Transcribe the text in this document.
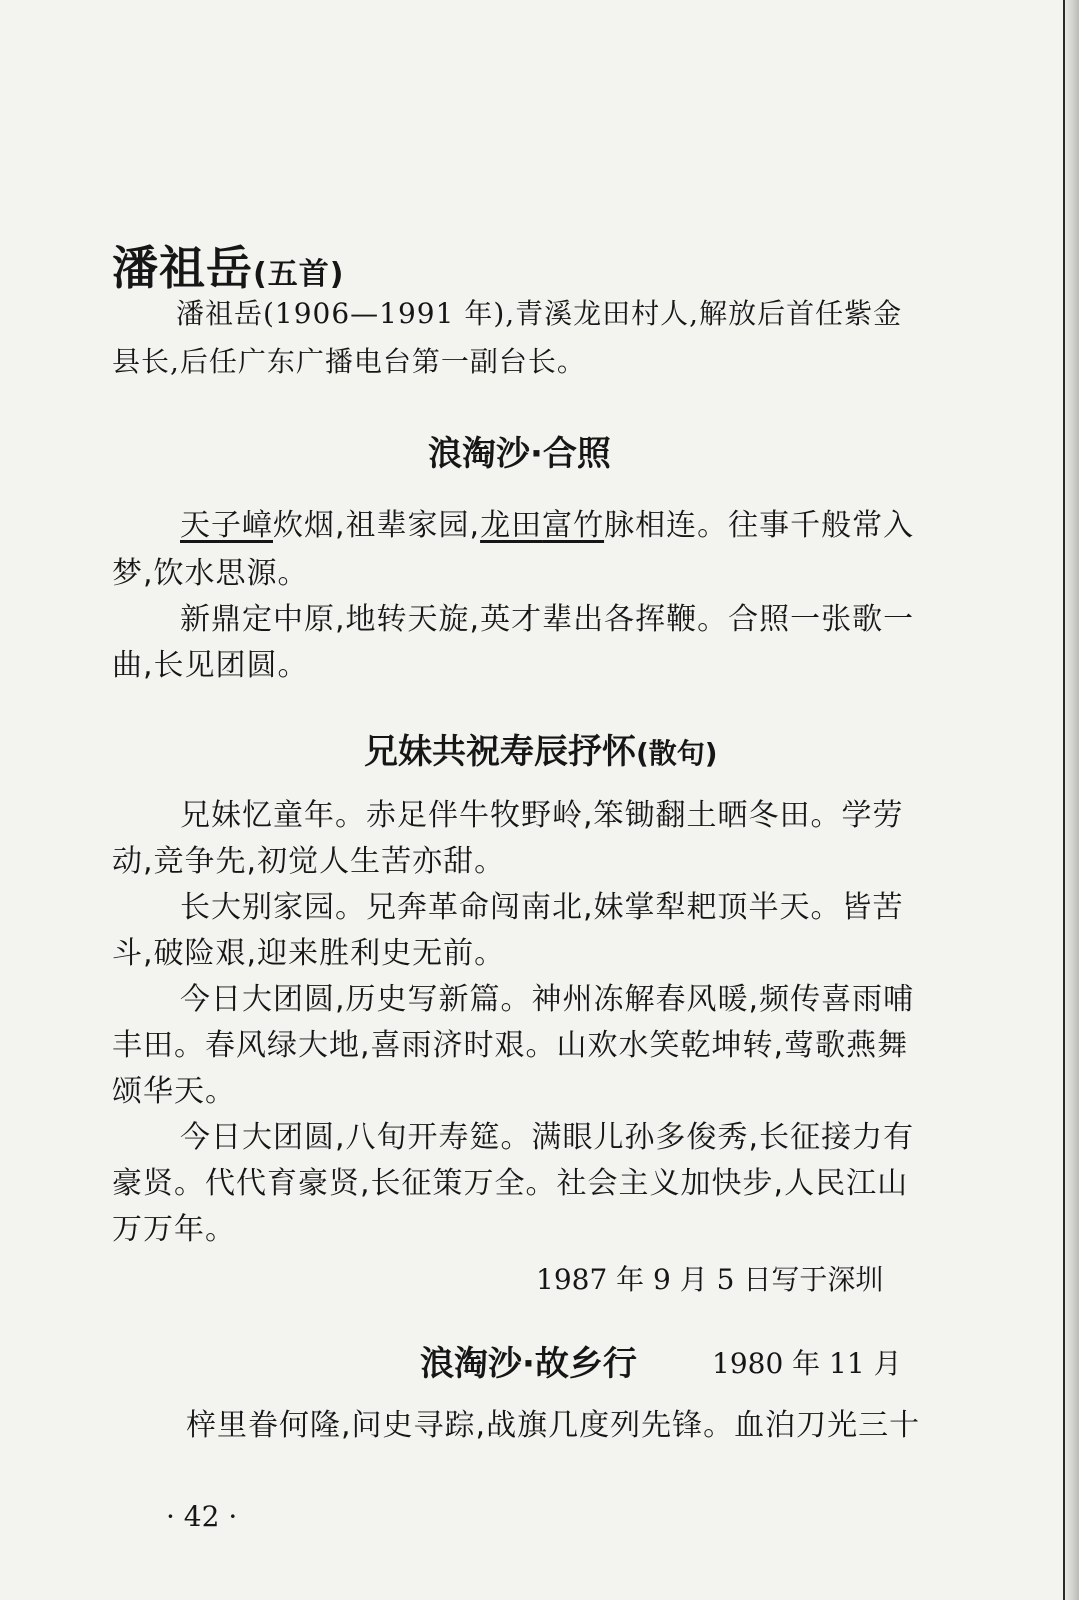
潘祖岳(五首)
潘祖岳(1906—1991 年),青溪龙田村人,解放后首任紫金
县长,后任广东广播电台第一副台长。
浪淘沙·合照
天子嶂炊烟,祖辈家园,龙田富竹脉相连。往事千般常入
梦,饮水思源。
新鼎定中原,地转天旋,英才辈出各挥鞭。合照一张歌一
曲,长见团圆。
兄妹共祝寿辰抒怀(散句)
兄妹忆童年。赤足伴牛牧野岭,笨锄翻土晒冬田。学劳
动,竞争先,初觉人生苦亦甜。
长大别家园。兄奔革命闯南北,妹掌犁耙顶半天。皆苦
斗,破险艰,迎来胜利史无前。
今日大团圆,历史写新篇。神州冻解春风暖,频传喜雨哺
丰田。春风绿大地,喜雨济时艰。山欢水笑乾坤转,莺歌燕舞
颂华天。
今日大团圆,八旬开寿筵。满眼儿孙多俊秀,长征接力有
豪贤。代代育豪贤,长征策万全。社会主义加快步,人民江山
万万年。
1987 年 9 月 5 日写于深圳
浪淘沙·故乡行	1980 年 11 月
梓里眷何隆,问史寻踪,战旗几度列先锋。血泊刀光三十
· 42 ·
